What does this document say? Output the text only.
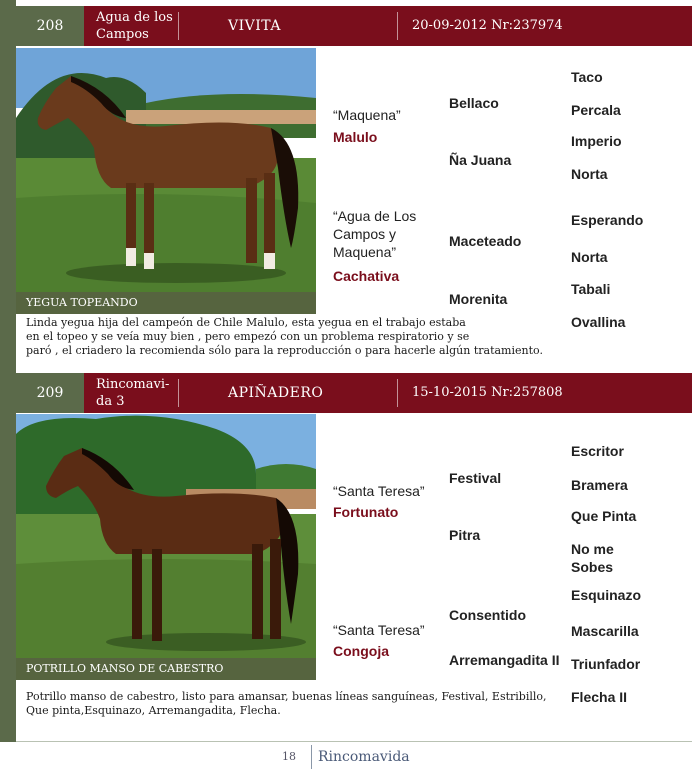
208
Agua de los
Campos
VIVITA	20-09-2012 Nr:237974
YEGUA TOPEANDO
“Maquena”
Malulo
“Agua de Los Campos y Maquena”
Cachativa
Bellaco
Ña Juana
Maceteado
Morenita
Taco
Percala
Imperio
Norta
Esperando
Norta
Tabali
Ovallina
Linda yegua hija del campeón de Chile Malulo, esta yegua en el trabajo estaba
en el topeo y se veía muy bien , pero empezó con un problema respiratorio y se
paró , el criadero la recomienda sólo para la reproducción o para hacerle algún tratamiento.
209
Rincomavi-
da 3
APIÑADERO	15-10-2015 Nr:257808
POTRILLO MANSO DE CABESTRO
“Santa Teresa”
Fortunato
“Santa Teresa”
Congoja
Festival
Pitra
Consentido
Arremangadita II
Escritor
Bramera
Que Pinta
No me Sobes
Esquinazo
Mascarilla
Triunfador
Flecha II
Potrillo manso de cabestro, listo para amansar, buenas líneas sanguíneas, Festival, Estribillo,
Que pinta,Esquinazo, Arremangadita, Flecha.
18	Rincomavida
